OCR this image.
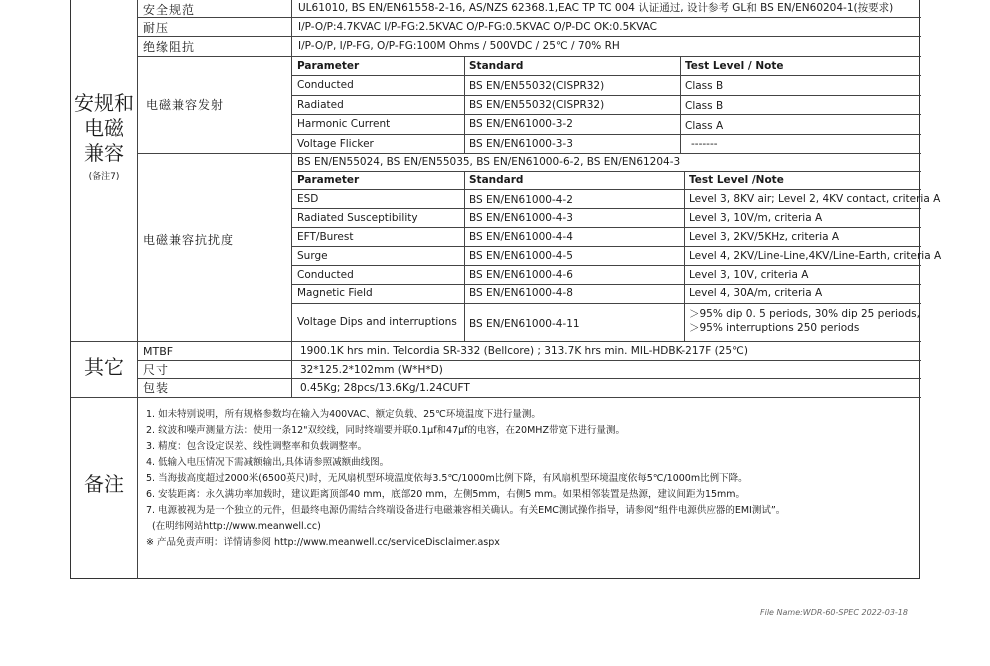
安规和
电磁
兼容
(备注7)
安全规范	UL61010, BS EN/EN61558-2-16, AS/NZS 62368.1,EAC TP TC 004 认证通过, 设计参考 GL和 BS EN/EN60204-1(按要求)
耐压	I/P-O/P:4.7KVAC I/P-FG:2.5KVAC O/P-FG:0.5KVAC O/P-DC OK:0.5KVAC
绝缘阻抗	I/P-O/P, I/P-FG, O/P-FG:100M Ohms / 500VDC / 25℃ / 70% RH
电磁兼容发射
Parameter	Standard	Test Level / Note
Conducted	BS EN/EN55032(CISPR32)	Class B
Radiated	BS EN/EN55032(CISPR32)	Class B
Harmonic Current	BS EN/EN61000-3-2	Class A
Voltage Flicker	BS EN/EN61000-3-3	-------
电磁兼容抗扰度
BS EN/EN55024, BS EN/EN55035, BS EN/EN61000-6-2, BS EN/EN61204-3
Parameter	Standard	Test Level /Note
ESD	BS EN/EN61000-4-2	Level 3, 8KV air; Level 2, 4KV contact, criteria A
Radiated Susceptibility	BS EN/EN61000-4-3	Level 3, 10V/m, criteria A
EFT/Burest	BS EN/EN61000-4-4	Level 3, 2KV/5KHz, criteria A
Surge	BS EN/EN61000-4-5	Level 4, 2KV/Line-Line,4KV/Line-Earth, criteria A
Conducted	BS EN/EN61000-4-6	Level 3, 10V, criteria A
Magnetic Field	BS EN/EN61000-4-8	Level 4, 30A/m, criteria A
Voltage Dips and interruptions BS EN/EN61000-4-11
＞95% dip 0. 5 periods, 30% dip 25 periods,
＞95% interruptions 250 periods
其它
MTBF	1900.1K hrs min. Telcordia SR-332 (Bellcore) ; 313.7K hrs min. MIL-HDBK-217F (25℃)
尺寸	32*125.2*102mm (W*H*D)
包装	0.45Kg; 28pcs/13.6Kg/1.24CUFT
备注
1. 如未特别说明，所有规格参数均在输入为400VAC、额定负载、25℃环境温度下进行量测。
2. 纹波和噪声测量方法：使用一条12"双绞线，同时终端要并联0.1μf和47μf的电容，在20MHZ带宽下进行量测。
3. 精度：包含设定误差、线性调整率和负载调整率。
4. 低输入电压情况下需减额输出,具体请参照减额曲线图。
5. 当海拔高度超过2000米(6500英尺)时，无风扇机型环境温度依每3.5℃/1000m比例下降，有风扇机型环境温度依每5℃/1000m比例下降。
6. 安装距离：永久满功率加载时，建议距离顶部40 mm，底部20 mm，左侧5mm，右侧5 mm。如果相邻装置是热源，建议间距为15mm。
7. 电源被视为是一个独立的元件，但最终电源仍需结合终端设备进行电磁兼容相关确认。有关EMC测试操作指导，请参阅“组件电源供应器的EMI测试”。
(在明纬网站http://www.meanwell.cc)
※ 产品免责声明：详情请参阅 http://www.meanwell.cc/serviceDisclaimer.aspx
File Name:WDR-60-SPEC 2022-03-18
